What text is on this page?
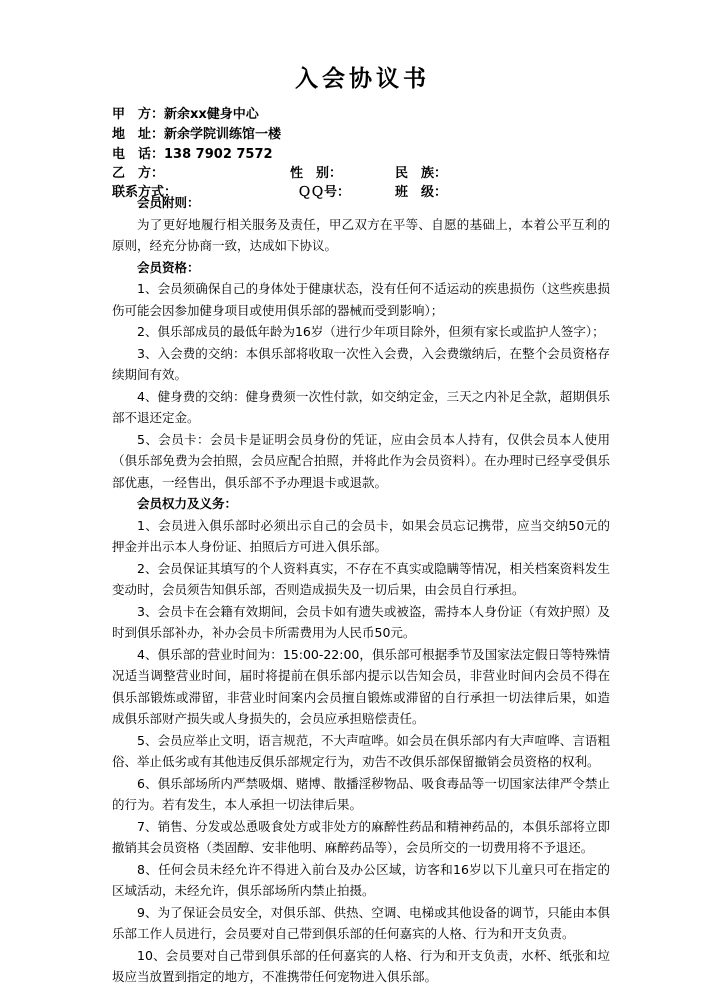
入会协议书
甲　方：新余xx健身中心
地　址：新余学院训练馆一楼
电　话：138 7902 7572
乙　方：	性　别：	民　族：
联系方式：	ＱＱ号：	班　级：

会员附则：

为了更好地履行相关服务及责任，甲乙双方在平等、自愿的基础上，本着公平互利的原则，经充分协商一致，达成如下协议。

会员资格：

1、会员须确保自己的身体处于健康状态，没有任何不适运动的疾患损伤（这些疾患损伤可能会因参加健身项目或使用俱乐部的器械而受到影响）；

2、俱乐部成员的最低年龄为16岁（进行少年项目除外，但须有家长或监护人签字）；

3、入会费的交纳：本俱乐部将收取一次性入会费，入会费缴纳后，在整个会员资格存续期间有效。

4、健身费的交纳：健身费须一次性付款，如交纳定金，三天之内补足全款，超期俱乐部不退还定金。

5、会员卡：会员卡是证明会员身份的凭证，应由会员本人持有，仅供会员本人使用（俱乐部免费为会拍照，会员应配合拍照，并将此作为会员资料）。在办理时已经享受俱乐部优惠，一经售出，俱乐部不予办理退卡或退款。

会员权力及义务：

1、会员进入俱乐部时必须出示自己的会员卡，如果会员忘记携带，应当交纳50元的押金并出示本人身份证、拍照后方可进入俱乐部。

2、会员保证其填写的个人资料真实，不存在不真实或隐瞒等情况，相关档案资料发生变动时，会员须告知俱乐部，否则造成损失及一切后果，由会员自行承担。

3、会员卡在会籍有效期间，会员卡如有遗失或被盗，需持本人身份证（有效护照）及时到俱乐部补办，补办会员卡所需费用为人民币50元。

4、俱乐部的营业时间为：15:00-22:00，俱乐部可根据季节及国家法定假日等特殊情况适当调整营业时间，届时将提前在俱乐部内提示以告知会员，非营业时间内会员不得在俱乐部锻炼或滞留，非营业时间案内会员擅自锻炼或滞留的自行承担一切法律后果，如造成俱乐部财产损失或人身损失的，会员应承担赔偿责任。

5、会员应举止文明，语言规范，不大声喧哗。如会员在俱乐部内有大声喧哗、言语粗俗、举止低劣或有其他违反俱乐部规定行为，劝告不改俱乐部保留撤销会员资格的权利。

6、俱乐部场所内严禁吸烟、赌博、散播淫秽物品、吸食毒品等一切国家法律严令禁止的行为。若有发生，本人承担一切法律后果。

7、销售、分发或怂恿吸食处方或非处方的麻醉性药品和精神药品的，本俱乐部将立即撤销其会员资格（类固醇、安非他明、麻醉药品等），会员所交的一切费用将不予退还。

8、任何会员未经允许不得进入前台及办公区域，访客和16岁以下儿童只可在指定的区域活动，未经允许，俱乐部场所内禁止拍摄。

9、为了保证会员安全，对俱乐部、供热、空调、电梯或其他设备的调节，只能由本俱乐部工作人员进行，会员要对自己带到俱乐部的任何嘉宾的人格、行为和开支负责。

10、会员要对自己带到俱乐部的任何嘉宾的人格、行为和开支负责，水杯、纸张和垃圾应当放置到指定的地方，不准携带任何宠物进入俱乐部。
